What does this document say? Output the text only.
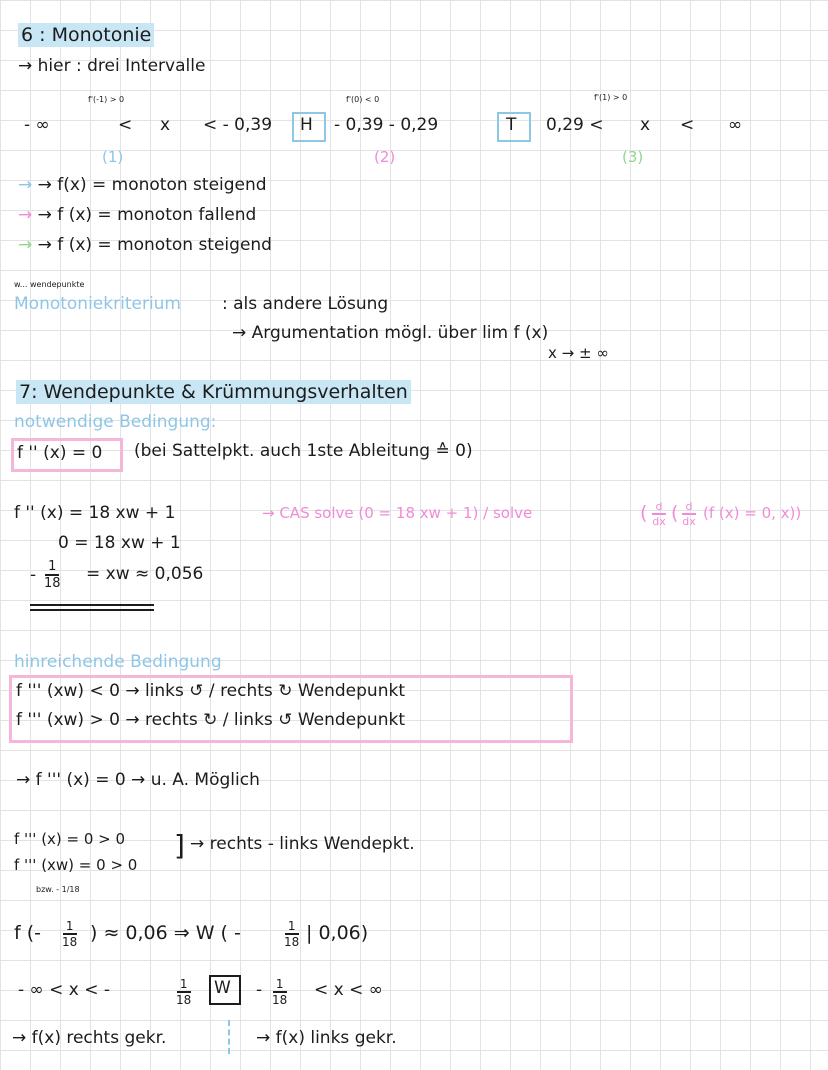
6 : Monotonie
→ hier : drei Intervalle
f'(-1) > 0	f'(0) < 0	f'(1) > 0
- ∞	< x < - 0,39 H - 0,39 - 0,29	T 0,29 < x < ∞
(1)	(2)	(3)
→ → f(x) = monoton steigend
→ → f (x) = monoton fallend
→ → f (x) = monoton steigend
w... wendepunkte
Monotoniekriterium : als andere Lösung
→ Argumentation mögl. über lim f (x)
x → ± ∞
7: Wendepunkte & Krümmungsverhalten
notwendige Bedingung:
f '' (x) = 0 (bei Sattelpkt. auch 1ste Ableitung ≙ 0)
f '' (x) = 18 xw + 1	→ CAS solve (0 = 18 xw + 1) / solve	( d
dx ( d
dx (f (x) = 0, x))
0 = 18 xw + 1
- 1
18 = xw ≈ 0,056
hinreichende Bedingung
f ''' (xw) < 0 → links ↺ / rechts ↻ Wendepunkt
f ''' (xw) > 0 → rechts ↻ / links ↺ Wendepunkt
→ f ''' (x) = 0 → u. A. Möglich
f ''' (x) = 0 > 0
f ''' (xw) = 0 > 0
] → rechts - links Wendepkt.
bzw. - 1/18
f (- 1
18 ) ≈ 0,06 ⇒ W ( -	1
18 | 0,06)
- ∞ < x < -	1
18
W - 1
18 < x < ∞
→ f(x) rechts gekr.	→ f(x) links gekr.
